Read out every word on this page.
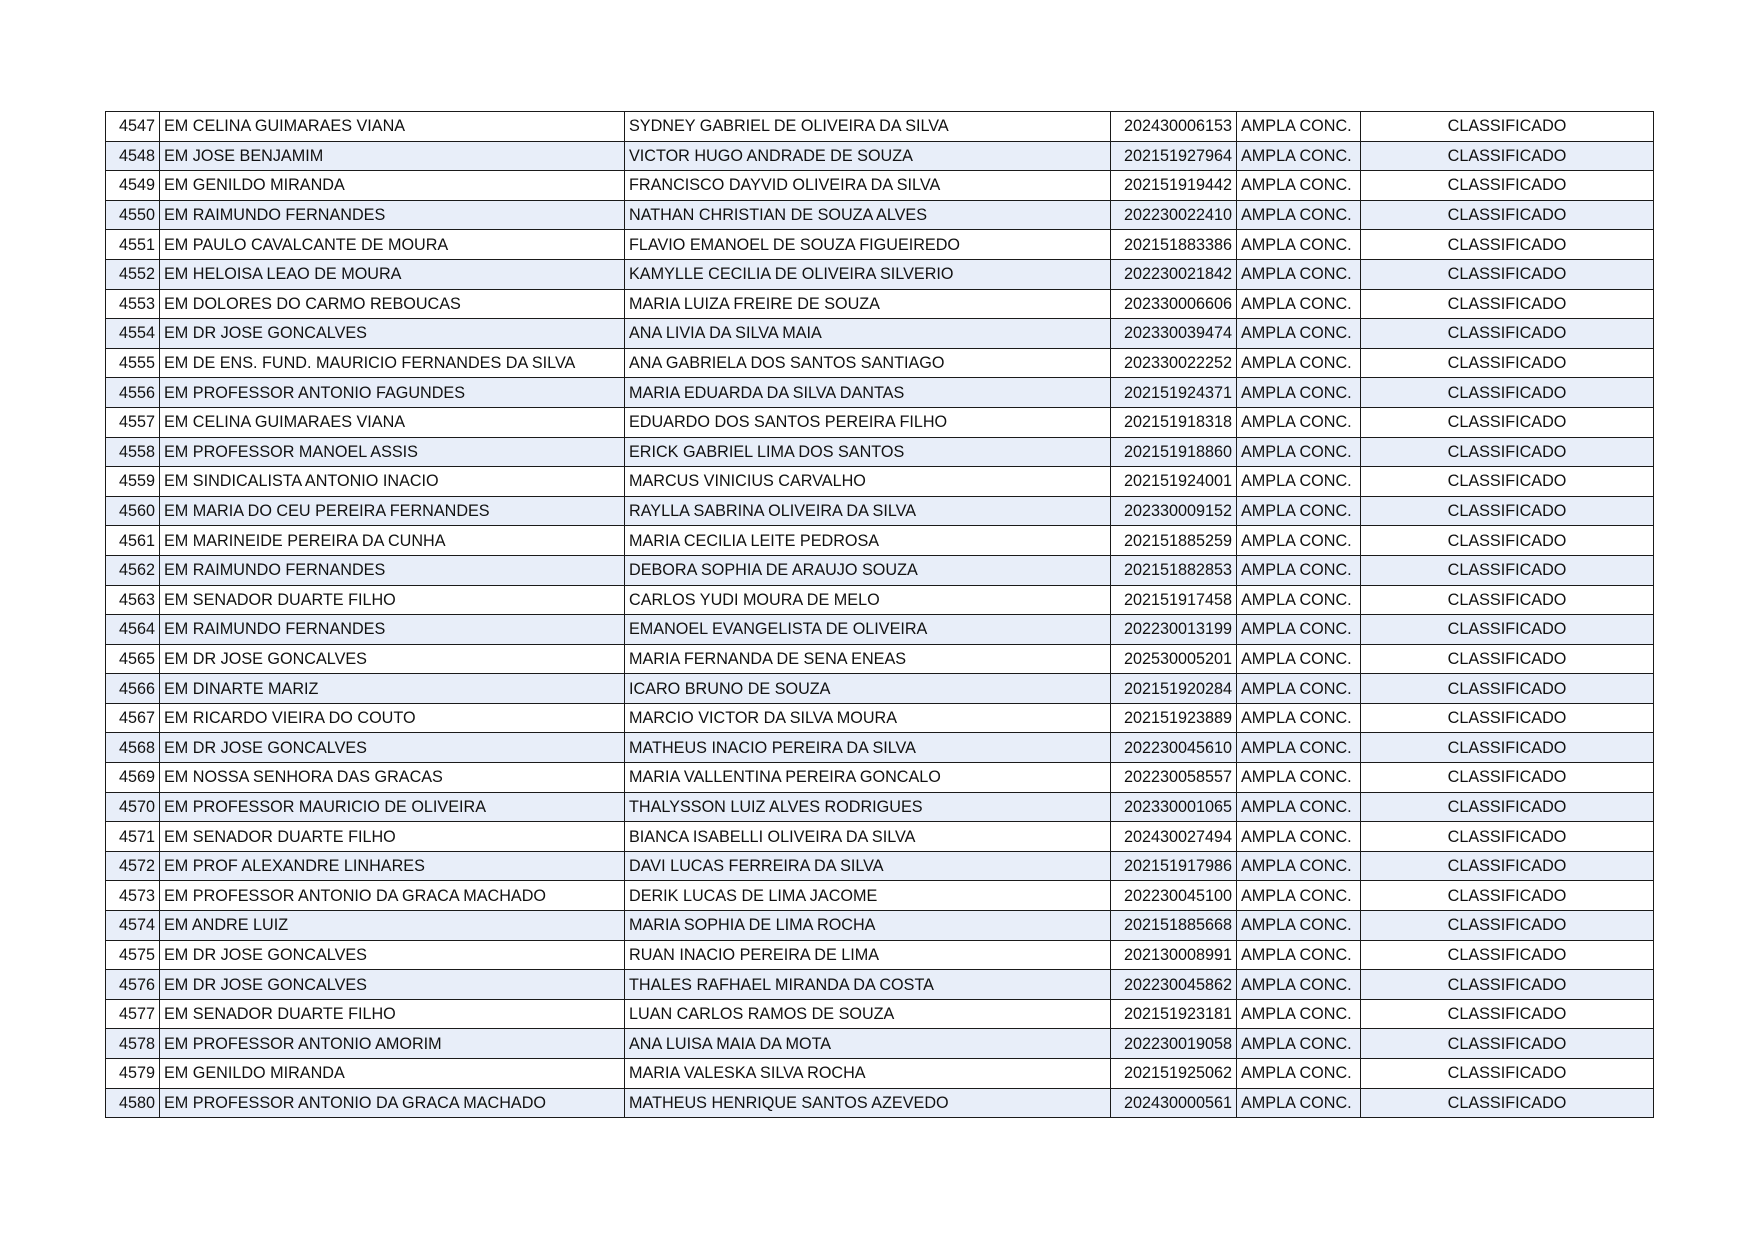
4547	EM CELINA GUIMARAES VIANA	SYDNEY GABRIEL DE OLIVEIRA DA SILVA	202430006153	AMPLA CONC.	CLASSIFICADO
4548	EM JOSE BENJAMIM	VICTOR HUGO ANDRADE DE SOUZA	202151927964	AMPLA CONC.	CLASSIFICADO
4549	EM GENILDO MIRANDA	FRANCISCO DAYVID OLIVEIRA DA SILVA	202151919442	AMPLA CONC.	CLASSIFICADO
4550	EM RAIMUNDO FERNANDES	NATHAN CHRISTIAN DE SOUZA ALVES	202230022410	AMPLA CONC.	CLASSIFICADO
4551	EM PAULO CAVALCANTE DE MOURA	FLAVIO EMANOEL DE SOUZA FIGUEIREDO	202151883386	AMPLA CONC.	CLASSIFICADO
4552	EM HELOISA LEAO DE MOURA	KAMYLLE CECILIA DE OLIVEIRA SILVERIO	202230021842	AMPLA CONC.	CLASSIFICADO
4553	EM DOLORES DO CARMO REBOUCAS	MARIA LUIZA FREIRE DE SOUZA	202330006606	AMPLA CONC.	CLASSIFICADO
4554	EM DR JOSE GONCALVES	ANA LIVIA DA SILVA MAIA	202330039474	AMPLA CONC.	CLASSIFICADO
4555	EM DE ENS. FUND. MAURICIO FERNANDES DA SILVA	ANA GABRIELA DOS SANTOS SANTIAGO	202330022252	AMPLA CONC.	CLASSIFICADO
4556	EM PROFESSOR ANTONIO FAGUNDES	MARIA EDUARDA DA SILVA DANTAS	202151924371	AMPLA CONC.	CLASSIFICADO
4557	EM CELINA GUIMARAES VIANA	EDUARDO DOS SANTOS PEREIRA FILHO	202151918318	AMPLA CONC.	CLASSIFICADO
4558	EM PROFESSOR MANOEL ASSIS	ERICK GABRIEL LIMA DOS SANTOS	202151918860	AMPLA CONC.	CLASSIFICADO
4559	EM SINDICALISTA ANTONIO INACIO	MARCUS VINICIUS CARVALHO	202151924001	AMPLA CONC.	CLASSIFICADO
4560	EM MARIA DO CEU PEREIRA FERNANDES	RAYLLA SABRINA OLIVEIRA DA SILVA	202330009152	AMPLA CONC.	CLASSIFICADO
4561	EM MARINEIDE PEREIRA DA CUNHA	MARIA CECILIA LEITE PEDROSA	202151885259	AMPLA CONC.	CLASSIFICADO
4562	EM RAIMUNDO FERNANDES	DEBORA SOPHIA DE ARAUJO SOUZA	202151882853	AMPLA CONC.	CLASSIFICADO
4563	EM SENADOR DUARTE FILHO	CARLOS YUDI MOURA DE MELO	202151917458	AMPLA CONC.	CLASSIFICADO
4564	EM RAIMUNDO FERNANDES	EMANOEL EVANGELISTA DE OLIVEIRA	202230013199	AMPLA CONC.	CLASSIFICADO
4565	EM DR JOSE GONCALVES	MARIA FERNANDA DE SENA ENEAS	202530005201	AMPLA CONC.	CLASSIFICADO
4566	EM DINARTE MARIZ	ICARO BRUNO DE SOUZA	202151920284	AMPLA CONC.	CLASSIFICADO
4567	EM RICARDO VIEIRA DO COUTO	MARCIO VICTOR DA SILVA MOURA	202151923889	AMPLA CONC.	CLASSIFICADO
4568	EM DR JOSE GONCALVES	MATHEUS INACIO PEREIRA DA SILVA	202230045610	AMPLA CONC.	CLASSIFICADO
4569	EM NOSSA SENHORA DAS GRACAS	MARIA VALLENTINA PEREIRA GONCALO	202230058557	AMPLA CONC.	CLASSIFICADO
4570	EM PROFESSOR MAURICIO DE OLIVEIRA	THALYSSON LUIZ ALVES RODRIGUES	202330001065	AMPLA CONC.	CLASSIFICADO
4571	EM SENADOR DUARTE FILHO	BIANCA ISABELLI OLIVEIRA DA SILVA	202430027494	AMPLA CONC.	CLASSIFICADO
4572	EM PROF ALEXANDRE LINHARES	DAVI LUCAS FERREIRA DA SILVA	202151917986	AMPLA CONC.	CLASSIFICADO
4573	EM PROFESSOR ANTONIO DA GRACA MACHADO	DERIK LUCAS DE LIMA JACOME	202230045100	AMPLA CONC.	CLASSIFICADO
4574	EM ANDRE LUIZ	MARIA SOPHIA DE LIMA ROCHA	202151885668	AMPLA CONC.	CLASSIFICADO
4575	EM DR JOSE GONCALVES	RUAN INACIO PEREIRA DE LIMA	202130008991	AMPLA CONC.	CLASSIFICADO
4576	EM DR JOSE GONCALVES	THALES RAFHAEL MIRANDA DA COSTA	202230045862	AMPLA CONC.	CLASSIFICADO
4577	EM SENADOR DUARTE FILHO	LUAN CARLOS RAMOS DE SOUZA	202151923181	AMPLA CONC.	CLASSIFICADO
4578	EM PROFESSOR ANTONIO AMORIM	ANA LUISA MAIA DA MOTA	202230019058	AMPLA CONC.	CLASSIFICADO
4579	EM GENILDO MIRANDA	MARIA VALESKA SILVA ROCHA	202151925062	AMPLA CONC.	CLASSIFICADO
4580	EM PROFESSOR ANTONIO DA GRACA MACHADO	MATHEUS HENRIQUE SANTOS AZEVEDO	202430000561	AMPLA CONC.	CLASSIFICADO
